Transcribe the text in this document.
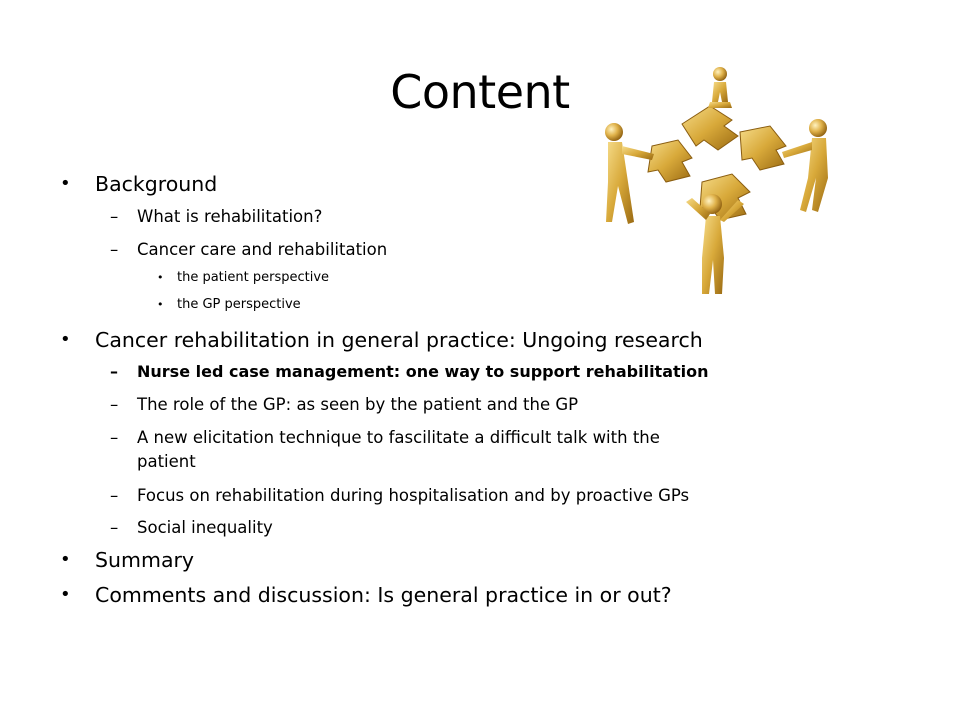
Content
• Background
– What is rehabilitation?
– Cancer care and rehabilitation
• the patient perspective
• the GP perspective
• Cancer rehabilitation in general practice: Ungoing research
– Nurse led case management: one way to support rehabilitation
– The role of the GP: as seen by the patient and the GP
– A new elicitation technique to fascilitate a difficult talk with the
patient
– Focus on rehabilitation during hospitalisation and by proactive GPs
– Social inequality
• Summary
• Comments and discussion: Is general practice in or out?
